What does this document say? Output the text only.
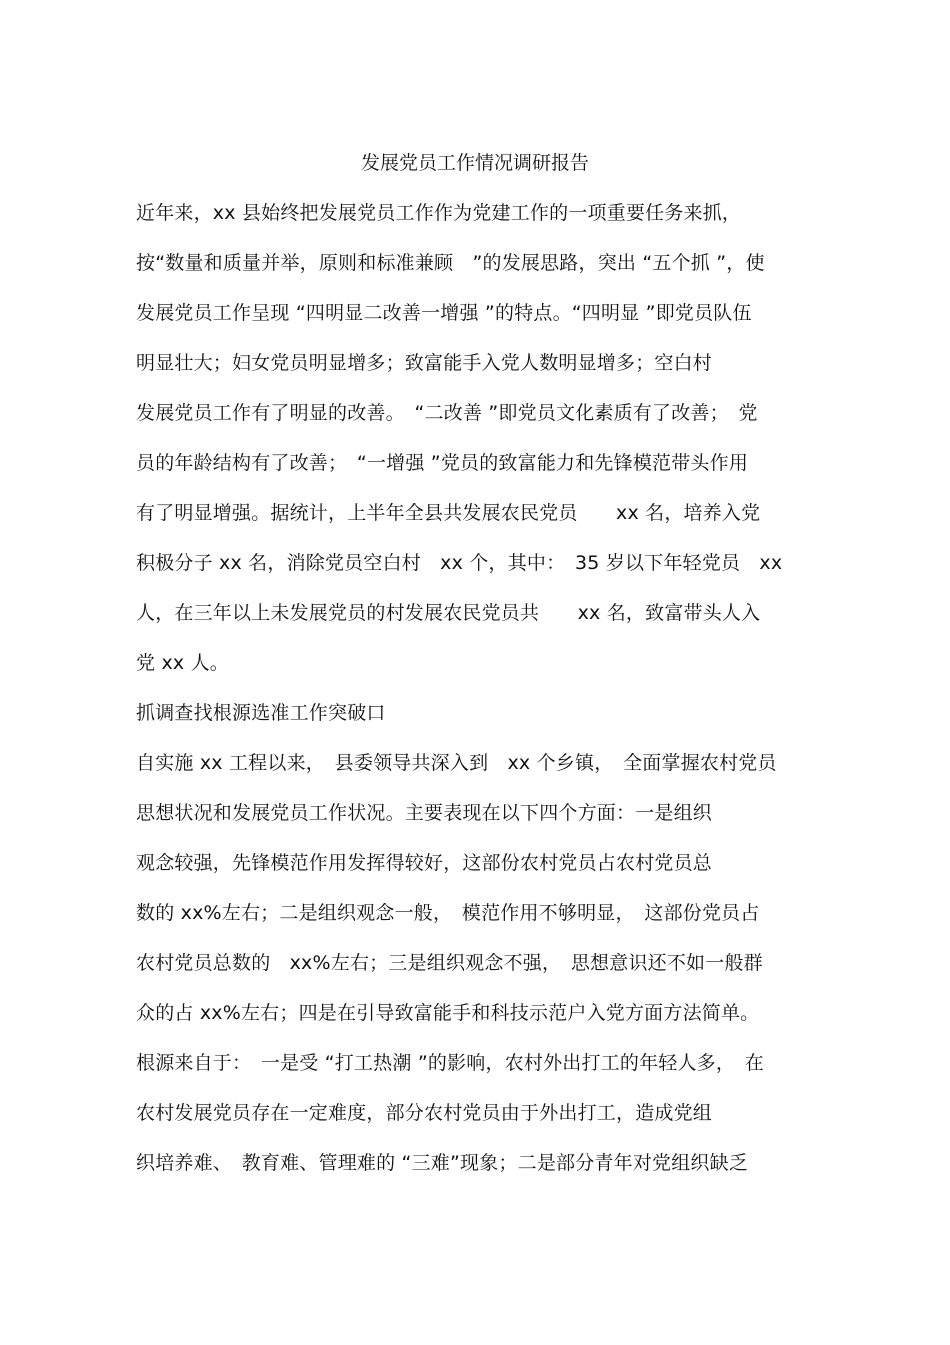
发展党员工作情况调研报告
近年来，xx 县始终把发展党员工作作为党建工作的一项重要任务来抓，
按“数量和质量并举，原则和标准兼顾　”的发展思路，突出 “五个抓 ”，使
发展党员工作呈现 “四明显二改善一增强 ”的特点。“四明显 ”即党员队伍
明显壮大；妇女党员明显增多；致富能手入党人数明显增多；空白村
发展党员工作有了明显的改善。　“二改善 ”即党员文化素质有了改善；　党
员的年龄结构有了改善；　“一增强 ”党员的致富能力和先锋模范带头作用
有了明显增强。据统计，上半年全县共发展农民党员　　xx 名，培养入党
积极分子 xx 名，消除党员空白村　xx 个，其中：　35 岁以下年轻党员　xx
人，在三年以上未发展党员的村发展农民党员共　　xx 名，致富带头人入
党 xx 人。
抓调查找根源选准工作突破口
自实施 xx 工程以来，　县委领导共深入到　xx 个乡镇，　全面掌握农村党员
思想状况和发展党员工作状况。主要表现在以下四个方面：一是组织
观念较强，先锋模范作用发挥得较好，这部份农村党员占农村党员总
数的 xx%左右；二是组织观念一般，　模范作用不够明显，　这部份党员占
农村党员总数的　xx%左右；三是组织观念不强，　思想意识还不如一般群
众的占 xx%左右；四是在引导致富能手和科技示范户入党方面方法简单。
根源来自于：　一是受 “打工热潮 ”的影响，农村外出打工的年轻人多，　在
农村发展党员存在一定难度，部分农村党员由于外出打工，造成党组
织培养难、　教育难、管理难的 “三难”现象；二是部分青年对党组织缺乏
